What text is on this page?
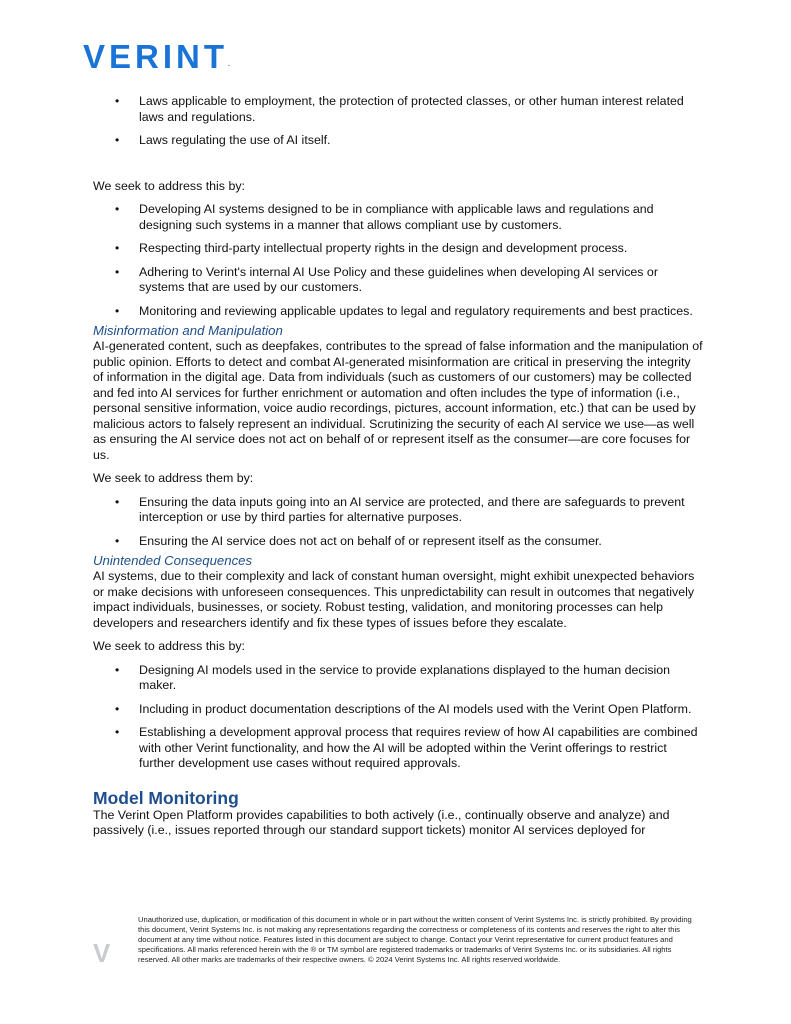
VERINT.
• Laws applicable to employment, the protection of protected classes, or other human interest related laws and regulations.
• Laws regulating the use of AI itself.

We seek to address this by:

• Developing AI systems designed to be in compliance with applicable laws and regulations and designing such systems in a manner that allows compliant use by customers.
• Respecting third-party intellectual property rights in the design and development process.
• Adhering to Verint's internal AI Use Policy and these guidelines when developing AI services or systems that are used by our customers.
• Monitoring and reviewing applicable updates to legal and regulatory requirements and best practices.
Misinformation and Manipulation

AI-generated content, such as deepfakes, contributes to the spread of false information and the manipulation of public opinion. Efforts to detect and combat AI-generated misinformation are critical in preserving the integrity of information in the digital age. Data from individuals (such as customers of our customers) may be collected and fed into AI services for further enrichment or automation and often includes the type of information (i.e., personal sensitive information, voice audio recordings, pictures, account information, etc.) that can be used by malicious actors to falsely represent an individual. Scrutinizing the security of each AI service we use—as well as ensuring the AI service does not act on behalf of or represent itself as the consumer—are core focuses for us.

We seek to address them by:

• Ensuring the data inputs going into an AI service are protected, and there are safeguards to prevent interception or use by third parties for alternative purposes.
• Ensuring the AI service does not act on behalf of or represent itself as the consumer.
Unintended Consequences

AI systems, due to their complexity and lack of constant human oversight, might exhibit unexpected behaviors or make decisions with unforeseen consequences. This unpredictability can result in outcomes that negatively impact individuals, businesses, or society. Robust testing, validation, and monitoring processes can help developers and researchers identify and fix these types of issues before they escalate.

We seek to address this by:

• Designing AI models used in the service to provide explanations displayed to the human decision maker.
• Including in product documentation descriptions of the AI models used with the Verint Open Platform.
• Establishing a development approval process that requires review of how AI capabilities are combined with other Verint functionality, and how the AI will be adopted within the Verint offerings to restrict further development use cases without required approvals.
Model Monitoring

The Verint Open Platform provides capabilities to both actively (i.e., continually observe and analyze) and passively (i.e., issues reported through our standard support tickets) monitor AI services deployed for

V
Unauthorized use, duplication, or modification of this document in whole or in part without the written consent of Verint Systems Inc. is strictly prohibited. By providing this document, Verint Systems Inc. is not making any representations regarding the correctness or completeness of its contents and reserves the right to alter this document at any time without notice. Features listed in this document are subject to change. Contact your Verint representative for current product features and specifications. All marks referenced herein with the ® or TM symbol are registered trademarks or trademarks of Verint Systems Inc. or its subsidiaries. All rights reserved. All other marks are trademarks of their respective owners. © 2024 Verint Systems Inc. All rights reserved worldwide.
